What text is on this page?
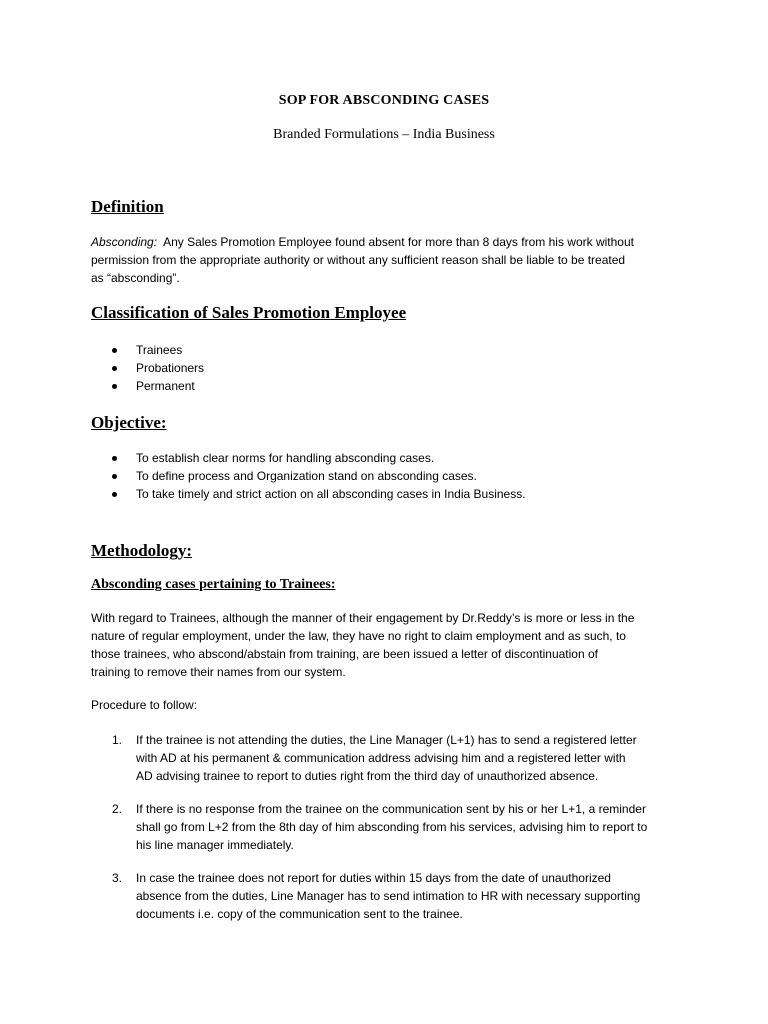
SOP FOR ABSCONDING CASES
Branded Formulations – India Business
Definition
Absconding: Any Sales Promotion Employee found absent for more than 8 days from his work without
permission from the appropriate authority or without any sufficient reason shall be liable to be treated
as “absconding”.
Classification of Sales Promotion Employee
Trainees
Probationers
Permanent
Objective:
To establish clear norms for handling absconding cases.
To define process and Organization stand on absconding cases.
To take timely and strict action on all absconding cases in India Business.
Methodology:
Absconding cases pertaining to Trainees:
With regard to Trainees, although the manner of their engagement by Dr.Reddy’s is more or less in the
nature of regular employment, under the law, they have no right to claim employment and as such, to
those trainees, who abscond/abstain from training, are been issued a letter of discontinuation of
training to remove their names from our system.
Procedure to follow:
1.	If the trainee is not attending the duties, the Line Manager (L+1) has to send a registered letter
with AD at his permanent & communication address advising him and a registered letter with
AD advising trainee to report to duties right from the third day of unauthorized absence.
2.	If there is no response from the trainee on the communication sent by his or her L+1, a reminder
shall go from L+2 from the 8th day of him absconding from his services, advising him to report to
his line manager immediately.
3.	In case the trainee does not report for duties within 15 days from the date of unauthorized
absence from the duties, Line Manager has to send intimation to HR with necessary supporting
documents i.e. copy of the communication sent to the trainee.
